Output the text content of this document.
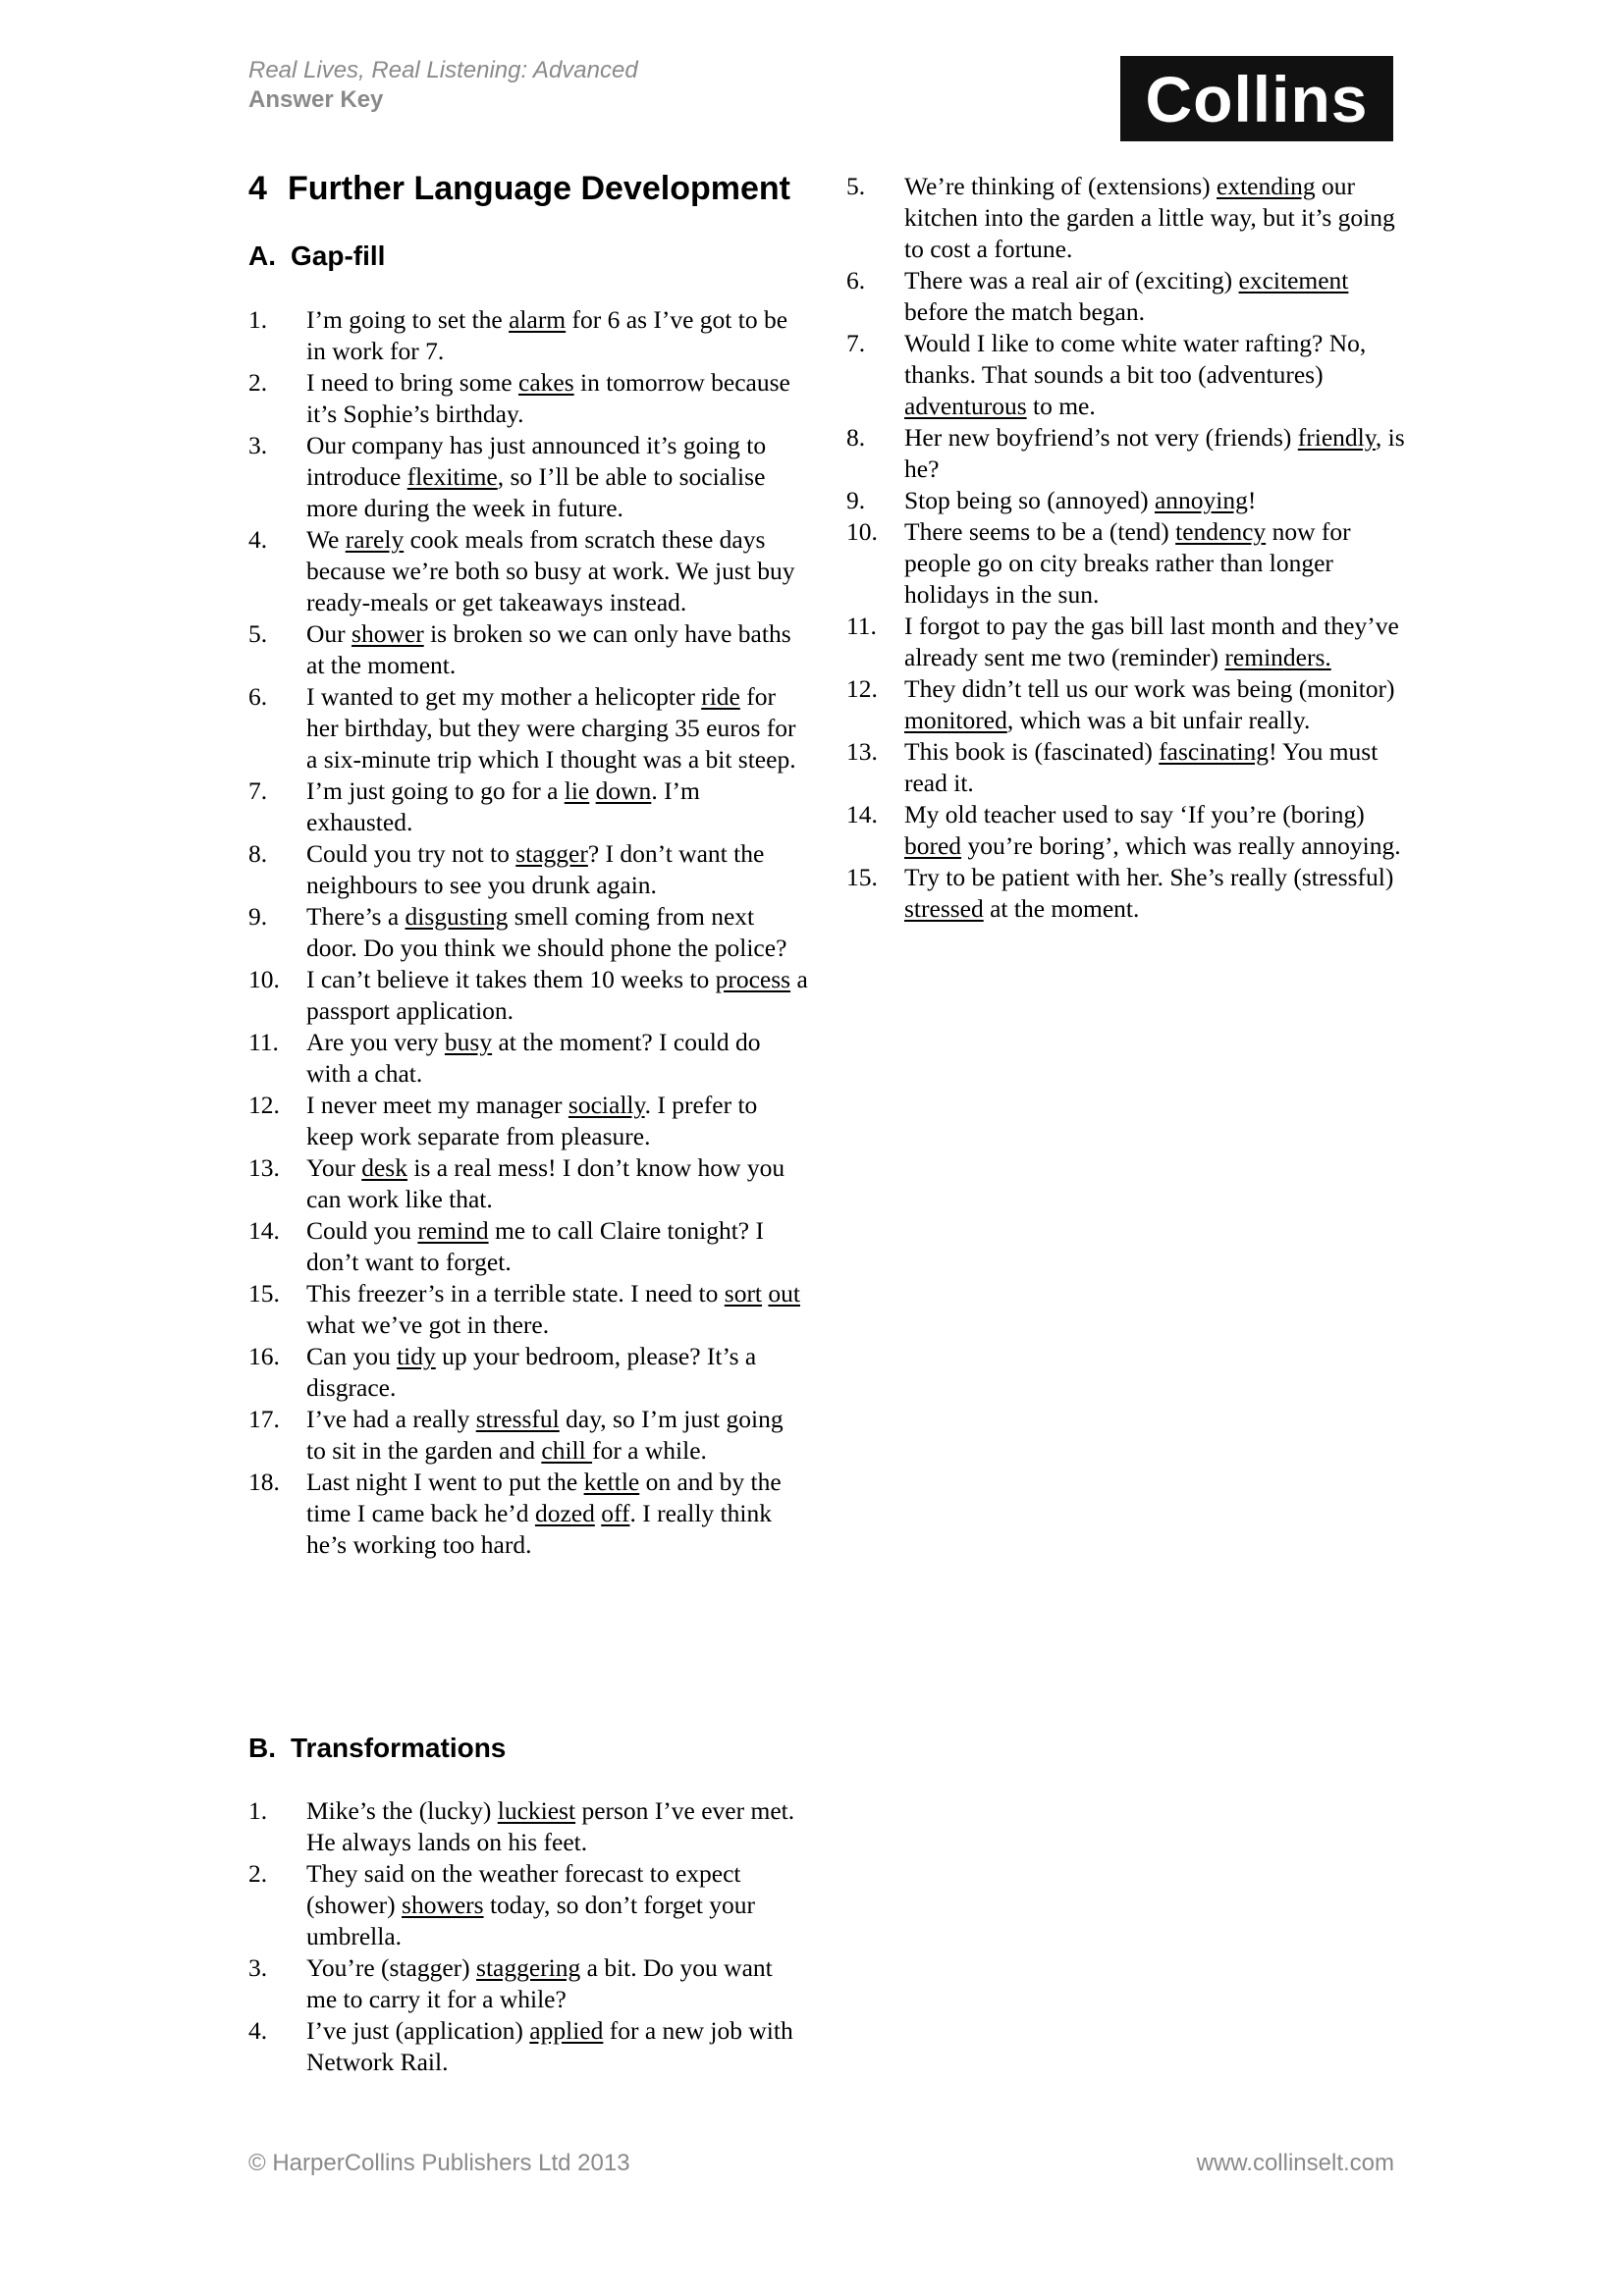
Real Lives, Real Listening: Advanced
Answer Key	Collins
4 Further Language Development
A. Gap-fill
1. I’m going to set the alarm for 6 as I’ve got to be in work for 7.
2. I need to bring some cakes in tomorrow because it’s Sophie’s birthday.
3. Our company has just announced it’s going to introduce flexitime, so I’ll be able to socialise more during the week in future.
4. We rarely cook meals from scratch these days because we’re both so busy at work. We just buy ready-meals or get takeaways instead.
5. Our shower is broken so we can only have baths at the moment.
6. I wanted to get my mother a helicopter ride for her birthday, but they were charging 35 euros for a six-minute trip which I thought was a bit steep.
7. I’m just going to go for a lie down. I’m exhausted.
8. Could you try not to stagger? I don’t want the neighbours to see you drunk again.
9. There’s a disgusting smell coming from next door. Do you think we should phone the police?
10. I can’t believe it takes them 10 weeks to process a passport application.
11. Are you very busy at the moment? I could do with a chat.
12. I never meet my manager socially. I prefer to keep work separate from pleasure.
13. Your desk is a real mess! I don’t know how you can work like that.
14. Could you remind me to call Claire tonight? I don’t want to forget.
15. This freezer’s in a terrible state. I need to sort out what we’ve got in there.
16. Can you tidy up your bedroom, please? It’s a disgrace.
17. I’ve had a really stressful day, so I’m just going to sit in the garden and chill for a while.
18. Last night I went to put the kettle on and by the time I came back he’d dozed off. I really think he’s working too hard.
B. Transformations
1. Mike’s the (lucky) luckiest person I’ve ever met. He always lands on his feet.
2. They said on the weather forecast to expect (shower) showers today, so don’t forget your umbrella.
3. You’re (stagger) staggering a bit. Do you want me to carry it for a while?
4. I’ve just (application) applied for a new job with Network Rail.
5. We’re thinking of (extensions) extending our kitchen into the garden a little way, but it’s going to cost a fortune.
6. There was a real air of (exciting) excitement before the match began.
7. Would I like to come white water rafting? No, thanks. That sounds a bit too (adventures) adventurous to me.
8. Her new boyfriend’s not very (friends) friendly, is he?
9. Stop being so (annoyed) annoying!
10. There seems to be a (tend) tendency now for people go on city breaks rather than longer holidays in the sun.
11. I forgot to pay the gas bill last month and they’ve already sent me two (reminder) reminders.
12. They didn’t tell us our work was being (monitor) monitored, which was a bit unfair really.
13. This book is (fascinated) fascinating! You must read it.
14. My old teacher used to say ‘If you’re (boring) bored you’re boring’, which was really annoying.
15. Try to be patient with her. She’s really (stressful) stressed at the moment.
© HarperCollins Publishers Ltd 2013	www.collinselt.com
